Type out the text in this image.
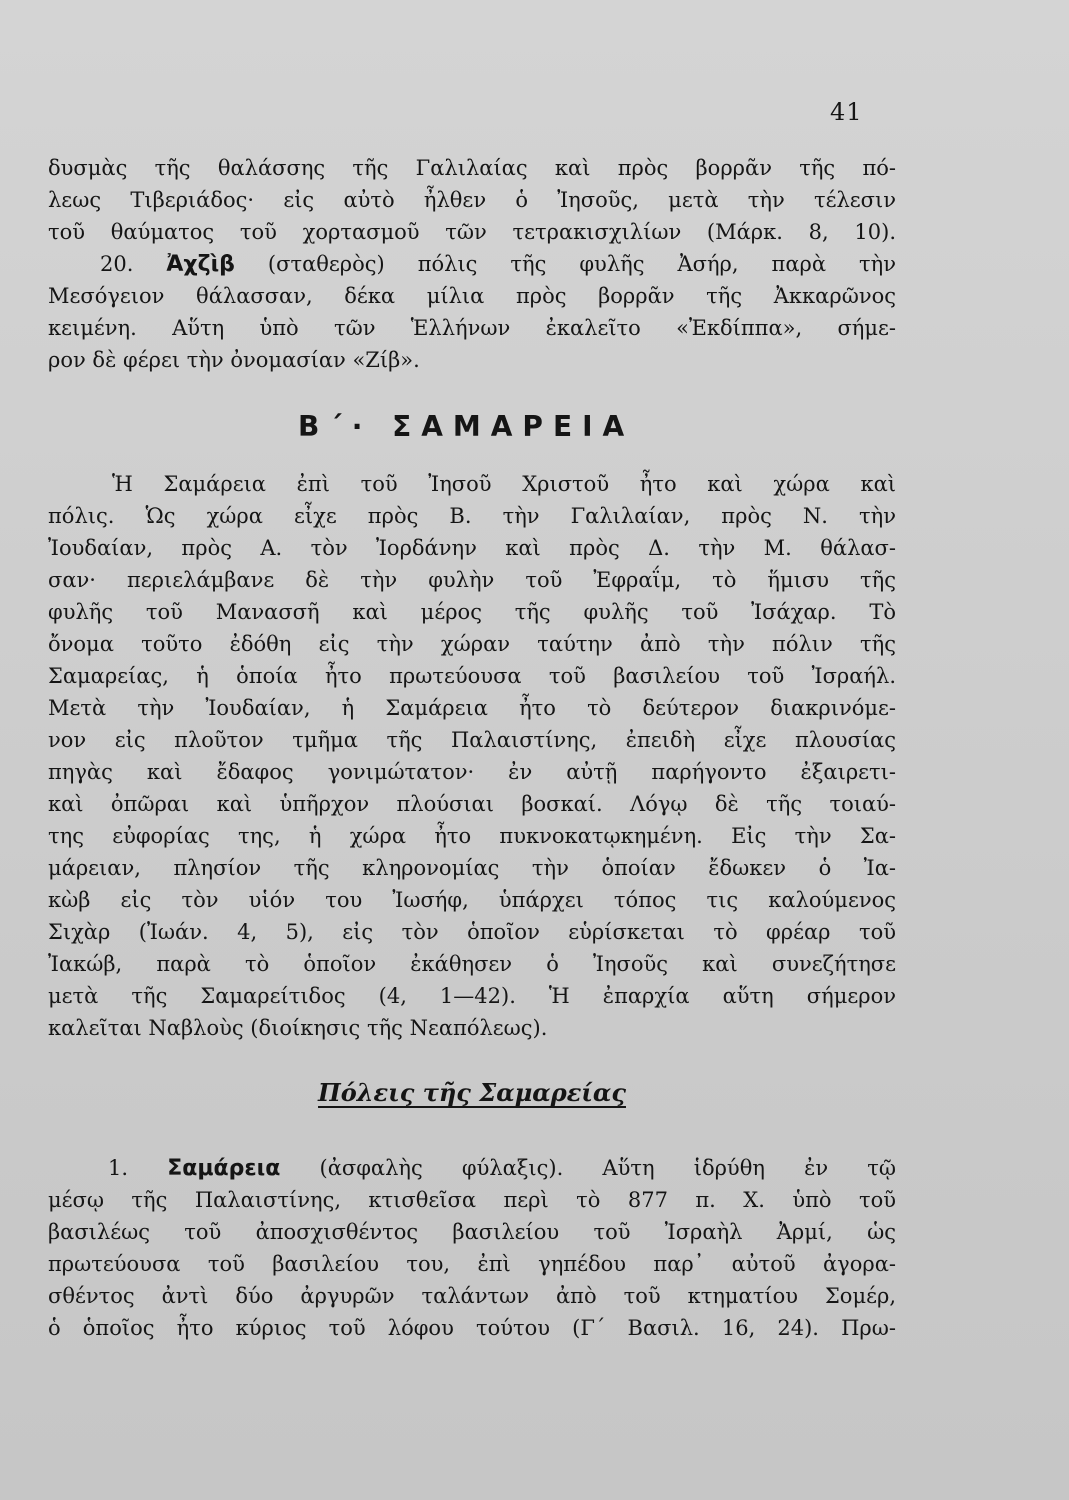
41
δυσμὰς τῆς θαλάσσης τῆς Γαλιλαίας καὶ πρὸς βορρᾶν τῆς πό-
λεως Τιβεριάδος· εἰς αὐτὸ ἦλθεν ὁ Ἰησοῦς, μετὰ τὴν τέλεσιν
τοῦ θαύματος τοῦ χορτασμοῦ τῶν τετρακισχιλίων (Μάρκ. 8, 10).
20. Ἀχζὶβ (σταθερὸς) πόλις τῆς φυλῆς Ἀσήρ, παρὰ τὴν
Μεσόγειον θάλασσαν, δέκα μίλια πρὸς βορρᾶν τῆς Ἀκκαρῶνος
κειμένη. Αὕτη ὑπὸ τῶν Ἑλλήνων ἐκαλεῖτο «Ἐκδίππα», σήμε-
ρον δὲ φέρει τὴν ὀνομασίαν «Ζίβ».
Β΄· ΣΑΜΑΡΕΙΑ
Ἡ Σαμάρεια ἐπὶ τοῦ Ἰησοῦ Χριστοῦ ἦτο καὶ χώρα καὶ
πόλις. Ὡς χώρα εἶχε πρὸς Β. τὴν Γαλιλαίαν, πρὸς Ν. τὴν
Ἰουδαίαν, πρὸς Α. τὸν Ἰορδάνην καὶ πρὸς Δ. τὴν Μ. θάλασ-
σαν· περιελάμβανε δὲ τὴν φυλὴν τοῦ Ἐφραΐμ, τὸ ἥμισυ τῆς
φυλῆς τοῦ Μανασσῆ καὶ μέρος τῆς φυλῆς τοῦ Ἰσάχαρ. Τὸ
ὄνομα τοῦτο ἐδόθη εἰς τὴν χώραν ταύτην ἀπὸ τὴν πόλιν τῆς
Σαμαρείας, ἡ ὁποία ἦτο πρωτεύουσα τοῦ βασιλείου τοῦ Ἰσραήλ.
Μετὰ τὴν Ἰουδαίαν, ἡ Σαμάρεια ἦτο τὸ δεύτερον διακρινόμε-
νον εἰς πλοῦτον τμῆμα τῆς Παλαιστίνης, ἐπειδὴ εἶχε πλουσίας
πηγὰς καὶ ἔδαφος γονιμώτατον· ἐν αὐτῇ παρήγοντο ἐξαιρετι-
καὶ ὀπῶραι καὶ ὑπῆρχον πλούσιαι βοσκαί. Λόγῳ δὲ τῆς τοιαύ-
της εὐφορίας της, ἡ χώρα ἦτο πυκνοκατῳκημένη. Εἰς τὴν Σα-
μάρειαν, πλησίον τῆς κληρονομίας τὴν ὁποίαν ἔδωκεν ὁ Ἰα-
κὼβ εἰς τὸν υἱόν του Ἰωσήφ, ὑπάρχει τόπος τις καλούμενος
Σιχὰρ (Ἰωάν. 4, 5), εἰς τὸν ὁποῖον εὑρίσκεται τὸ φρέαρ τοῦ
Ἰακώβ, παρὰ τὸ ὁποῖον ἐκάθησεν ὁ Ἰησοῦς καὶ συνεζήτησε
μετὰ τῆς Σαμαρείτιδος (4, 1—42). Ἡ ἐπαρχία αὕτη σήμερον
καλεῖται Ναβλοὺς (διοίκησις τῆς Νεαπόλεως).
Πόλεις τῆς Σαμαρείας
1. Σαμάρεια (ἀσφαλὴς φύλαξις). Αὕτη ἱδρύθη ἐν τῷ
μέσῳ τῆς Παλαιστίνης, κτισθεῖσα περὶ τὸ 877 π. Χ. ὑπὸ τοῦ
βασιλέως τοῦ ἀποσχισθέντος βασιλείου τοῦ Ἰσραὴλ Ἀρμί, ὡς
πρωτεύουσα τοῦ βασιλείου του, ἐπὶ γηπέδου παρ᾽ αὐτοῦ ἀγορα-
σθέντος ἀντὶ δύο ἀργυρῶν ταλάντων ἀπὸ τοῦ κτηματίου Σομέρ,
ὁ ὁποῖος ἦτο κύριος τοῦ λόφου τούτου (Γ΄ Βασιλ. 16, 24). Πρω-
